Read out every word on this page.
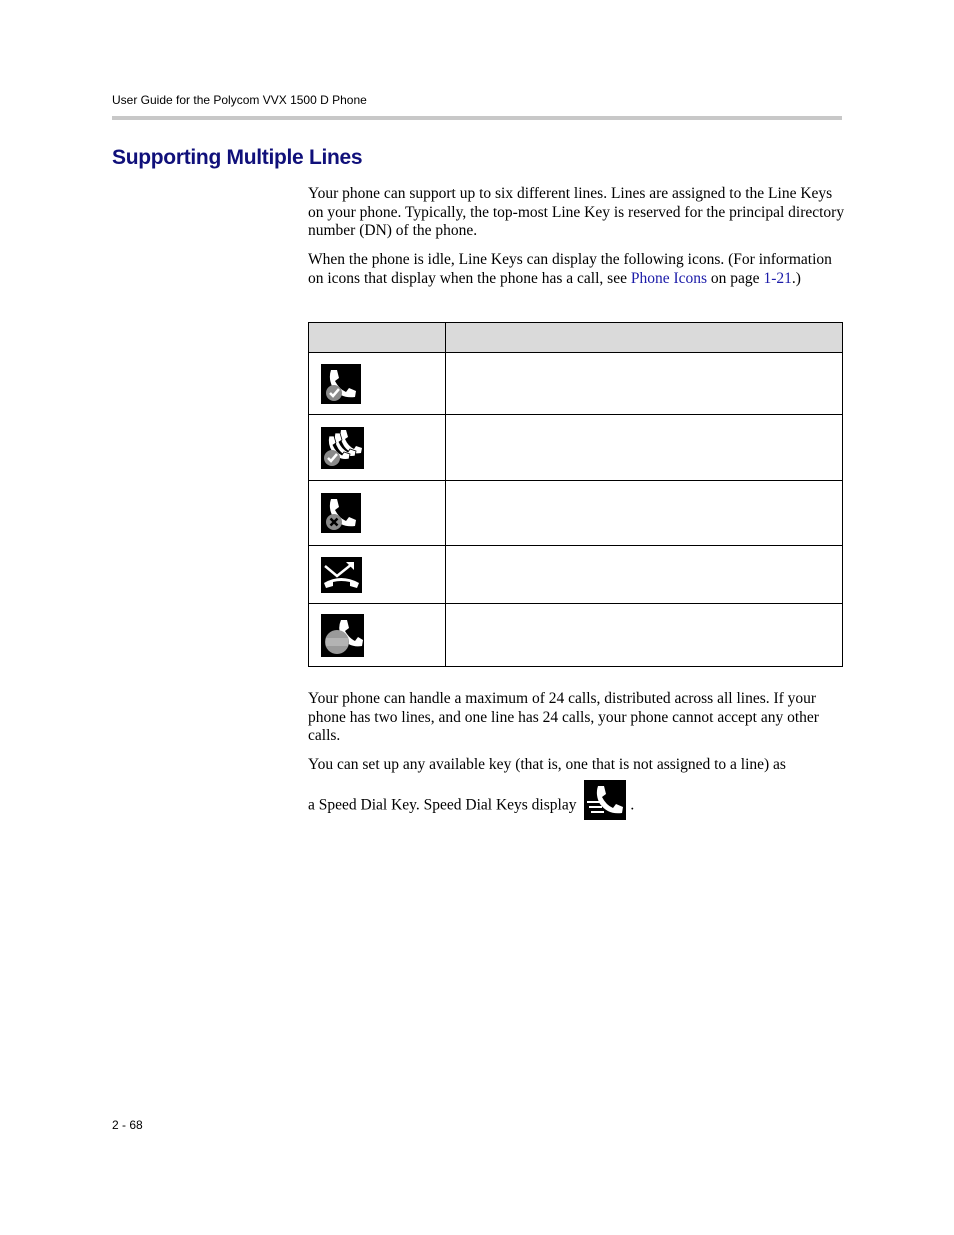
User Guide for the Polycom VVX 1500 D Phone
Supporting Multiple Lines

Your phone can support up to six different lines. Lines are assigned to the Line Keys on your phone. Typically, the top-most Line Key is reserved for the principal directory number (DN) of the phone.

When the phone is idle, Line Keys can display the following icons. (For information on icons that display when the phone has a call, see Phone Icons on page 1-21.)

Your phone can handle a maximum of 24 calls, distributed across all lines. If your phone has two lines, and one line has 24 calls, your phone cannot accept any other calls.

You can set up any available key (that is, one that is not assigned to a line) as

a Speed Dial Key. Speed Dial Keys display	.

2 - 68
